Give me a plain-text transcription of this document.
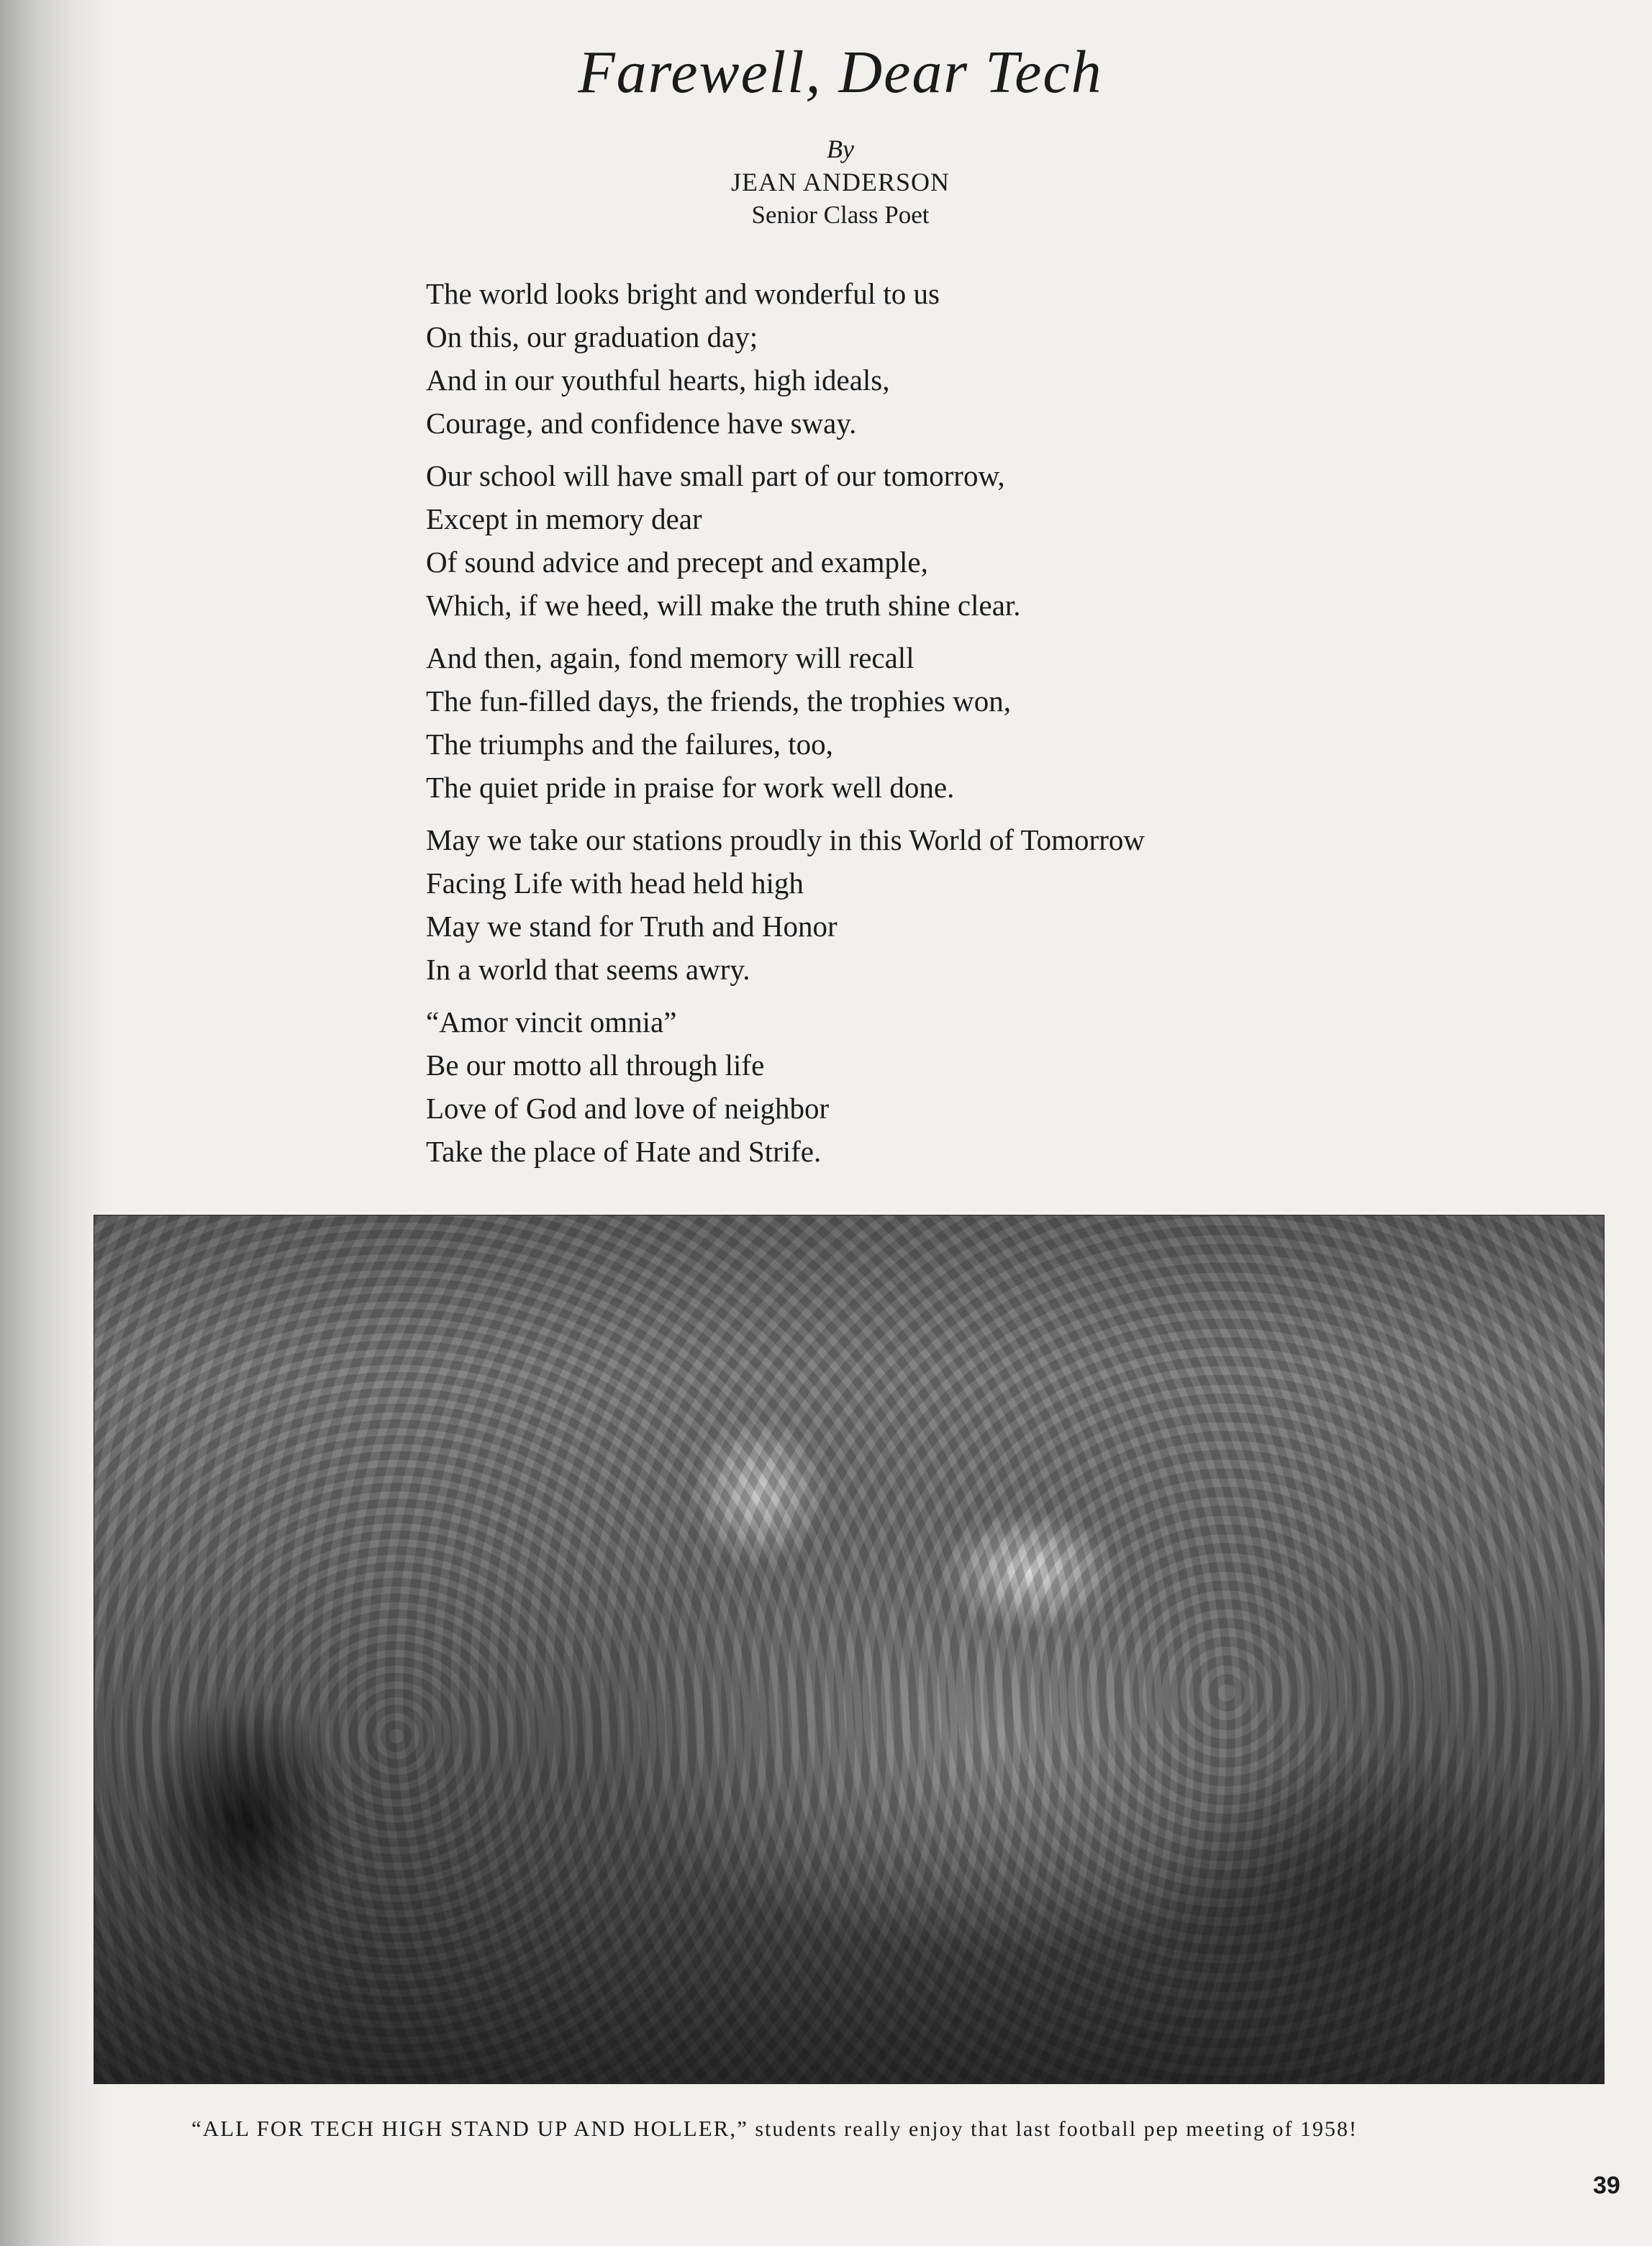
Farewell, Dear Tech
By
JEAN ANDERSON
Senior Class Poet
The world looks bright and wonderful to us
On this, our graduation day;
And in our youthful hearts, high ideals,
Courage, and confidence have sway.
Our school will have small part of our tomorrow,
Except in memory dear
Of sound advice and precept and example,
Which, if we heed, will make the truth shine clear.
And then, again, fond memory will recall
The fun-filled days, the friends, the trophies won,
The triumphs and the failures, too,
The quiet pride in praise for work well done.
May we take our stations proudly in this World of Tomorrow
Facing Life with head held high
May we stand for Truth and Honor
In a world that seems awry.
“Amor vincit omnia”
Be our motto all through life
Love of God and love of neighbor
Take the place of Hate and Strife.
“ALL FOR TECH HIGH STAND UP AND HOLLER,” students really enjoy that last football pep meeting of 1958!
39
